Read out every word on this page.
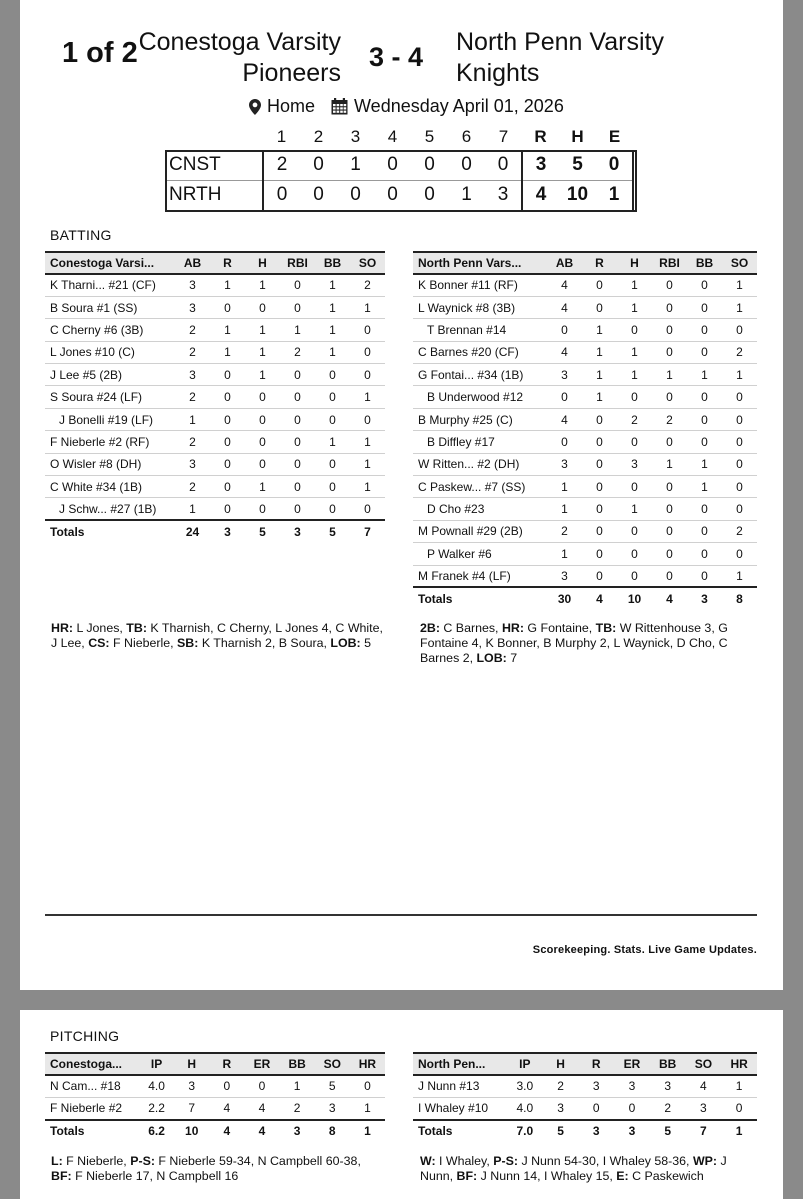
1 of 2 Conestoga Varsity
Pioneers
3 - 4 North Penn Varsity
Knights
Home Wednesday April 01, 2026
	1	2	3	4	5	6	7	R	H	E
CNST	2	0	1	0	0	0	0	3	5	0
NRTH	0	0	0	0	0	1	3	4	10	1
BATTING
Conestoga Varsi...	AB	R	H	RBI	BB	SO
K Tharni... #21 (CF)	3	1	1	0	1	2
B Soura #1 (SS)	3	0	0	0	1	1
C Cherny #6 (3B)	2	1	1	1	1	0
L Jones #10 (C)	2	1	1	2	1	0
J Lee #5 (2B)	3	0	1	0	0	0
S Soura #24 (LF)	2	0	0	0	0	1
J Bonelli #19 (LF)	1	0	0	0	0	0
F Nieberle #2 (RF)	2	0	0	0	1	1
O Wisler #8 (DH)	3	0	0	0	0	1
C White #34 (1B)	2	0	1	0	0	1
J Schw... #27 (1B)	1	0	0	0	0	0
Totals	24	3	5	3	5	7
North Penn Vars...	AB	R	H	RBI	BB	SO
K Bonner #11 (RF)	4	0	1	0	0	1
L Waynick #8 (3B)	4	0	1	0	0	1
T Brennan #14	0	1	0	0	0	0
C Barnes #20 (CF)	4	1	1	0	0	2
G Fontai... #34 (1B)	3	1	1	1	1	1
B Underwood #12	0	1	0	0	0	0
B Murphy #25 (C)	4	0	2	2	0	0
B Diffley #17	0	0	0	0	0	0
W Ritten... #2 (DH)	3	0	3	1	1	0
C Paskew... #7 (SS)	1	0	0	0	1	0
D Cho #23	1	0	1	0	0	0
M Pownall #29 (2B)	2	0	0	0	0	2
P Walker #6	1	0	0	0	0	0
M Franek #4 (LF)	3	0	0	0	0	1
Totals	30	4	10	4	3	8
HR: L Jones, TB: K Tharnish, C Cherny, L Jones 4, C White, J Lee, CS: F Nieberle, SB: K Tharnish 2, B Soura, LOB: 5
2B: C Barnes, HR: G Fontaine, TB: W Rittenhouse 3, G Fontaine 4, K Bonner, B Murphy 2, L Waynick, D Cho, C Barnes 2, LOB: 7
Scorekeeping. Stats. Live Game Updates.
PITCHING
Conestoga...	IP	H	R	ER	BB	SO	HR
N Cam... #18	4.0	3	0	0	1	5	0
F Nieberle #2	2.2	7	4	4	2	3	1
Totals	6.2	10	4	4	3	8	1
North Pen...	IP	H	R	ER	BB	SO	HR
J Nunn #13	3.0	2	3	3	3	4	1
I Whaley #10	4.0	3	0	0	2	3	0
Totals	7.0	5	3	3	5	7	1
L: F Nieberle, P-S: F Nieberle 59-34, N Campbell 60-38, BF: F Nieberle 17, N Campbell 16
W: I Whaley, P-S: J Nunn 54-30, I Whaley 58-36, WP: J Nunn, BF: J Nunn 14, I Whaley 15, E: C Paskewich
